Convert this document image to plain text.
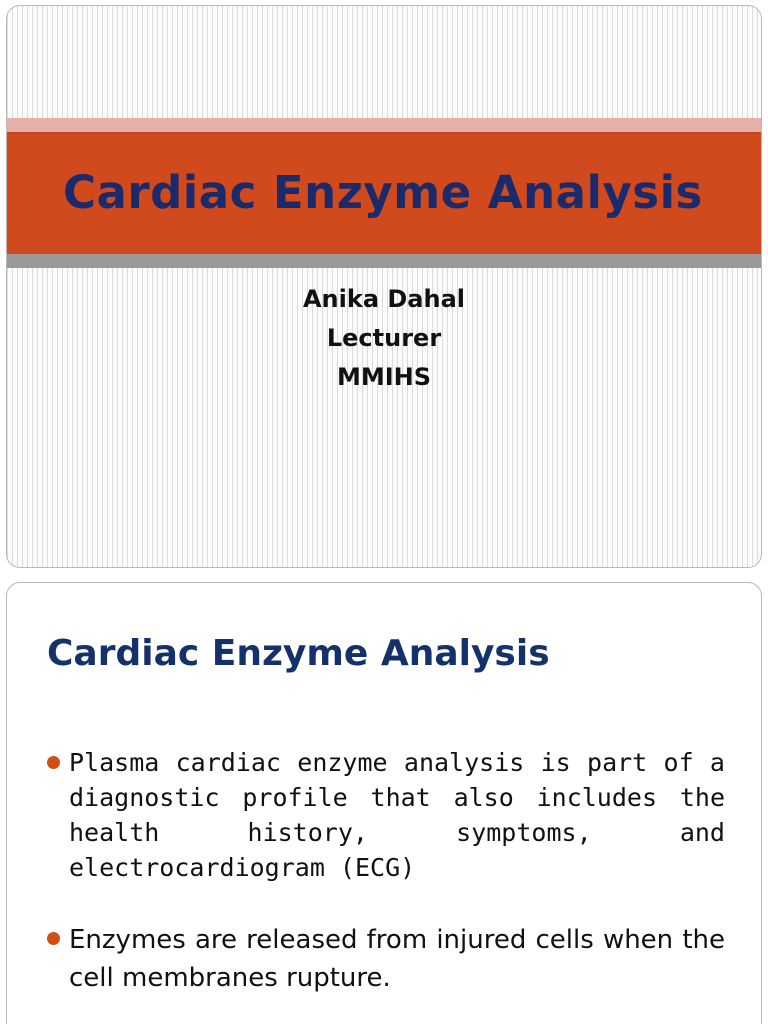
Cardiac Enzyme Analysis
Anika Dahal
Lecturer
MMIHS
Cardiac Enzyme Analysis
Plasma cardiac enzyme analysis is part of a diagnostic profile that also includes the health history, symptoms, and electrocardiogram (ECG)
Enzymes are released from injured cells when the cell membranes rupture.
